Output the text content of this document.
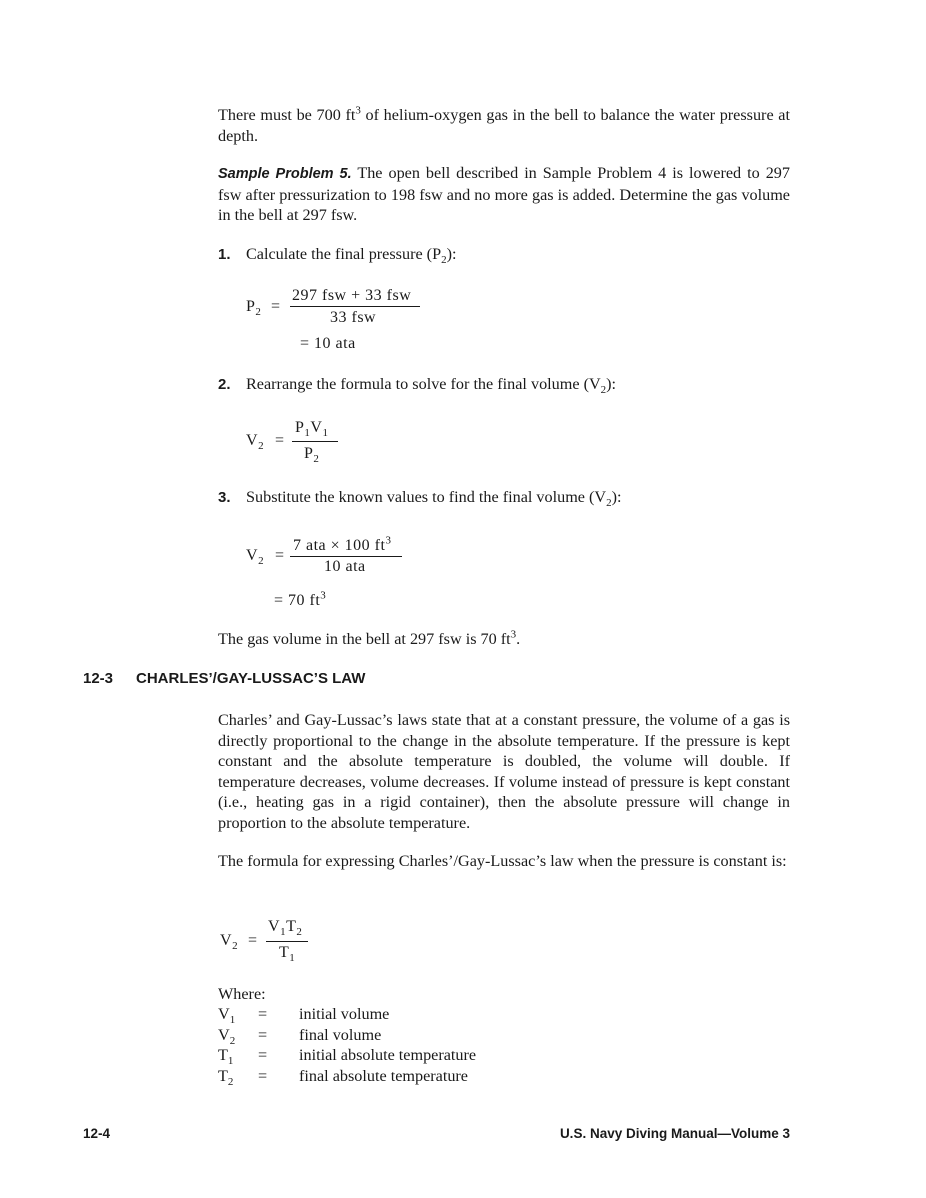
There must be 700 $ft^3$ of helium-oxygen gas in the bell to balance the water pressure at depth.
Sample Problem 5. The open bell described in Sample Problem 4 is lowered to 297 fsw after pressurization to 198 fsw and no more gas is added. Determine the gas volume in the bell at 297 fsw.
1. Calculate the final pressure $(P_2)$:
$P_2$ =
297 fsw + 33 fsw
33 fsw
= 10 ata
2. Rearrange the formula to solve for the final volume $(V_2)$:
$V_2$ =
$P_1V_1$
$P_2$
3. Substitute the known values to find the final volume $(V_2)$:
$V_2$ =
7 ata × 100 $ft^3$
10 ata
= 70 $ft^3$
The gas volume in the bell at 297 fsw is 70 $ft^3$.
12-3 CHARLES’/GAY-LUSSAC’S LAW
Charles’ and Gay-Lussac’s laws state that at a constant pressure, the volume of a gas is directly proportional to the change in the absolute temperature. If the pressure is kept constant and the absolute temperature is doubled, the volume will double. If temperature decreases, volume decreases. If volume instead of pressure is kept constant (i.e., heating gas in a rigid container), then the absolute pressure will change in proportion to the absolute temperature.
The formula for expressing Charles’/Gay-Lussac’s law when the pressure is constant is:
$V_2$ =
$V_1T_2$
$T_1$
Where:
$V_1$ = initial volume
$V_2$ = final volume
$T_1$ = initial absolute temperature
$T_2$ = final absolute temperature
12-4	U.S. Navy Diving Manual—Volume 3
